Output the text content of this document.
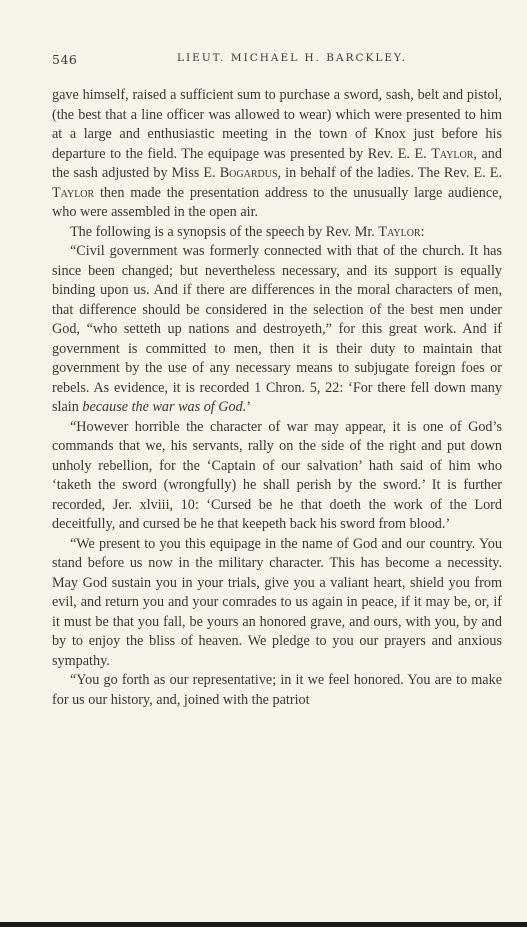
546	LIEUT. MICHAEL H. BARCKLEY.

gave himself, raised a sufficient sum to purchase a sword, sash, belt and pistol, (the best that a line officer was allowed to wear) which were presented to him at a large and enthusiastic meeting in the town of Knox just before his departure to the field. The equipage was presented by Rev. E. E. Taylor, and the sash adjusted by Miss E. Bogardus, in behalf of the ladies. The Rev. E. E. Taylor then made the presentation address to the unusually large audience, who were assembled in the open air.

The following is a synopsis of the speech by Rev. Mr. Taylor:

“Civil government was formerly connected with that of the church. It has since been changed; but nevertheless necessary, and its support is equally binding upon us. And if there are differences in the moral characters of men, that difference should be considered in the selection of the best men under God, “who setteth up nations and destroyeth,” for this great work. And if government is committed to men, then it is their duty to maintain that government by the use of any necessary means to subjugate foreign foes or rebels. As evidence, it is recorded 1 Chron. 5, 22: ‘For there fell down many slain because the war was of God.’

“However horrible the character of war may appear, it is one of God’s commands that we, his servants, rally on the side of the right and put down unholy rebellion, for the ‘Captain of our salvation’ hath said of him who ‘taketh the sword (wrongfully) he shall perish by the sword.’ It is further recorded, Jer. xlviii, 10: ‘Cursed be he that doeth the work of the Lord deceitfully, and cursed be he that keepeth back his sword from blood.’

“We present to you this equipage in the name of God and our country. You stand before us now in the military character. This has become a necessity. May God sustain you in your trials, give you a valiant heart, shield you from evil, and return you and your comrades to us again in peace, if it may be, or, if it must be that you fall, be yours an honored grave, and ours, with you, by and by to enjoy the bliss of heaven. We pledge to you our prayers and anxious sympathy.

“You go forth as our representative; in it we feel honored. You are to make for us our history, and, joined with the patriot
